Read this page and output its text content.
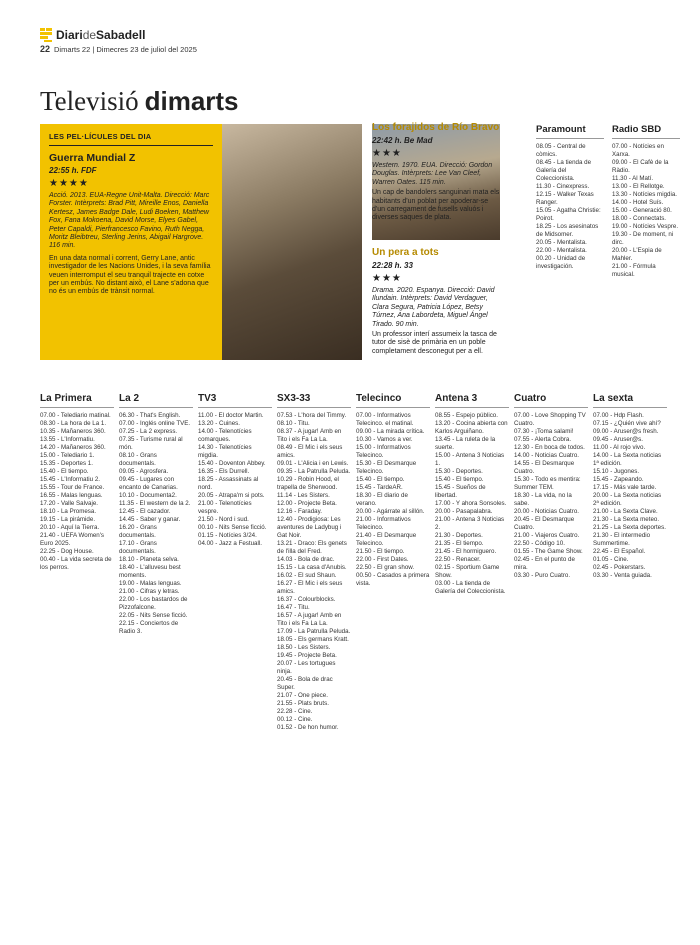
DiarideSabadell
22 Dimarts 22 | Dimecres 23 de juliol del 2025
Televisió dimarts
LES PEL·LÍCULES DEL DIA
Guerra Mundial Z
22:55 h. FDF
★★★★

Acció. 2013. EUA-Regne Unit-Malta. Direcció: Marc Forster. Intèrprets: Brad Pitt, Mireille Enos, Daniella Kertesz, James Badge Dale, Ludi Boeken, Matthew Fox, Fana Mokoena, David Morse, Elyes Gabel, Peter Capaldi, Pierfrancesco Favino, Ruth Negga, Moritz Bleibtreu, Sterling Jerins, Abigail Hargrove. 116 min.

En una data normal i corrent, Gerry Lane, antic investigador de les Nacions Unides, i la seva família veuen interromput el seu tranquil trajecte en cotxe per un embús. No distant això, el Lane s'adona que no és un embús de trànsit normal.

Los forajidos de Río Bravo
22:42 h. Be Mad
★★★

Western. 1970. EUA. Direcció: Gordon Douglas. Intèrprets: Lee Van Cleef, Warren Oates. 115 min.

Un cap de bandolers sanguinari mata els habitants d'un poblat per apoderar-se d'un carregament de fusells valuós i diverses saques de plata.

Un pera a tots
22:28 h. 33
★★★

Drama. 2020. Espanya. Direcció: David Ilundain. Intèrprets: David Verdaguer, Clara Segura, Patricia López, Betsy Túrnez, Ana Labordeta, Miguel Ángel Tirado. 90 min.

Un professor interí assumeix la tasca de tutor de sisè de primària en un poble completament desconegut per a ell.

Paramount
08.05 - Central de còmics.
08.45 - La tienda de Galería del Coleccionista.
11.30 - Cinexpress.
12.15 - Walker Texas Ranger.
15.05 - Agatha Christie: Poirot.
18.25 - Los asesinatos de Midsomer.
20.05 - Mentalista.
22.00 - Mentalista.
00.20 - Unidad de investigación.
Radio SBD
07.00 - Notícies en Xarxa.
09.00 - El Cafè de la Ràdio.
11.30 - Al Matí.
13.00 - El Rellotge.
13.30 - Notícies migdia.
14.00 - Hotel Suís.
15.00 - Generació 80.
18.00 - Connectats.
19.00 - Notícies Vespre.
19.30 - De moment, ni dirc.
20.00 - L'Espia de Mahler.
21.00 - Fórmula musical.
La Primera
07.00 - Telediario matinal.
08.30 - La hora de La 1.
10.35 - Mañaneros 360.
13.55 - L'Informatiu.
14.20 - Mañaneros 360.
15.00 - Telediario 1.
15.35 - Deportes 1.
15.40 - El tiempo.
15.45 - L'Informatiu 2.
15.55 - Tour de France.
16.55 - Malas lenguas.
17.20 - Valle Salvaje.
18.10 - La Promesa.
19.15 - La pirámide.
20.10 - Aquí la Tierra.
21.40 - UEFA Women's Euro 2025.
22.25 - Dog House.
00.40 - La vida secreta de los perros.
La 2
06.30 - That's English.
07.00 - Inglés online TVE.
07.25 - La 2 express.
07.35 - Turisme rural al món.
08.10 - Grans documentals.
09.05 - Agrosfera.
09.45 - Lugares con encanto de Canarias.
10.10 - Documenta2.
11.35 - El western de la 2.
12.45 - El cazador.
14.45 - Saber y ganar.
16.20 - Grans documentals.
17.10 - Grans documentals.
18.10 - Planeta selva.
18.40 - L'alluvesu best moments.
19.00 - Malas lenguas.
21.00 - Cifras y letras.
22.00 - Los bastardos de Pizzofalcone.
22.05 - Nits Sense ficció.
22.15 - Conciertos de Radio 3.
TV3
11.00 - El doctor Martin.
13.20 - Cuines.
14.00 - Telenotícies comarques.
14.30 - Telenotícies migdia.
15.40 - Doventon Abbey.
16.35 - Els Durrell.
18.25 - Assassinats al nord.
20.05 - Atrapa'm si pots.
21.00 - Telenotícies vespre.
21.50 - Nord i sud.
00.10 - Nits Sense ficció.
01.15 - Notícies 3/24.
04.00 - Jazz a Festuall.
SX3-33
07.53 - L'hora del Timmy.
08.10 - Titu.
08.37 - A jugar! Amb en Tito i els Fa La La.
08.49 - El Mic i els seus amics.
09.01 - L'Alicia i en Lewis.
09.35 - La Patrulla Peluda.
10.29 - Robin Hood, el trapella de Sherwood.
11.14 - Les Sisters.
12.00 - Projecte Beta.
12.16 - Faraday.
12.40 - Prodigiosa: Les aventures de Ladybug i Gat Noir.
13.21 - Draco: Els genets de l'illa del Fred.
14.03 - Bola de drac.
15.15 - La casa d'Anubis.
16.02 - El sud Shaun.
16.27 - El Mic i els seus amics.
16.37 - Colourblocks.
16.47 - Titu.
16.57 - A jugar! Amb en Tito i els Fa La La.
17.09 - La Patrulla Peluda.
18.05 - Els germans Kratt.
18.50 - Les Sisters.
19.45 - Projecte Beta.
20.07 - Les tortugues ninja.
20.45 - Bola de drac Super.
21.07 - One piece.
21.55 - Plats bruts.
22.28 - Cine.
00.12 - Cine.
01.52 - De hon humor.
Telecinco
07.00 - Informativos Telecinco. el matinal.
09.00 - La mirada crítica.
10.30 - Vamos a ver.
15.00 - Informativos Telecinco.
15.30 - El Desmarque Telecinco.
15.40 - El tiempo.
15.45 - TardeAR.
18.30 - El diario de verano.
20.00 - Agárrate al sillón.
21.00 - Informativos Telecinco.
21.40 - El Desmarque Telecinco.
21.50 - El tiempo.
22.00 - First Dates.
22.50 - El gran show.
00.50 - Casados a primera vista.
Antena 3
08.55 - Espejo público.
13.20 - Cocina abierta con Karlos Arguiñano.
13.45 - La ruleta de la suerte.
15.00 - Antena 3 Noticias 1.
15.30 - Deportes.
15.40 - El tiempo.
15.45 - Sueños de libertad.
17.00 - Y ahora Sonsoles.
20.00 - Pasapalabra.
21.00 - Antena 3 Noticias 2.
21.30 - Deportes.
21.35 - El tiempo.
21.45 - El hormiguero.
22.50 - Renacer.
02.15 - Sportium Game Show.
03.00 - La tienda de Galería del Coleccionista.
Cuatro
07.00 - Love Shopping TV Cuatro.
07.30 - ¡Toma salami!
07.55 - Alerta Cobra.
12.30 - En boca de todos.
14.00 - Noticias Cuatro.
14.55 - El Desmarque Cuatro.
15.30 - Todo es mentira: Summer TEM.
18.30 - La vida, no la sabe.
20.00 - Noticias Cuatro.
20.45 - El Desmarque Cuatro.
21.00 - Viajeros Cuatro.
22.50 - Código 10.
01.55 - The Game Show.
02.45 - En el punto de mira.
03.30 - Puro Cuatro.
La sexta
07.00 - Hdp Flash.
07.15 - ¿Quién vive ahí?
09.00 - Aruser@s fresh.
09.45 - Aruser@s.
11.00 - Al rojo vivo.
14.00 - La Sexta noticias 1ª edición.
15.10 - Jugones.
15.45 - Zapeando.
17.15 - Más vale tarde.
20.00 - La Sexta noticias 2ª edición.
21.00 - La Sexta Clave.
21.30 - La Sexta meteo.
21.25 - La Sexta deportes.
21.30 - El intermedio Summertime.
22.45 - El Español.
01.05 - Cine.
02.45 - Pokerstars.
03.30 - Venta guiada.
